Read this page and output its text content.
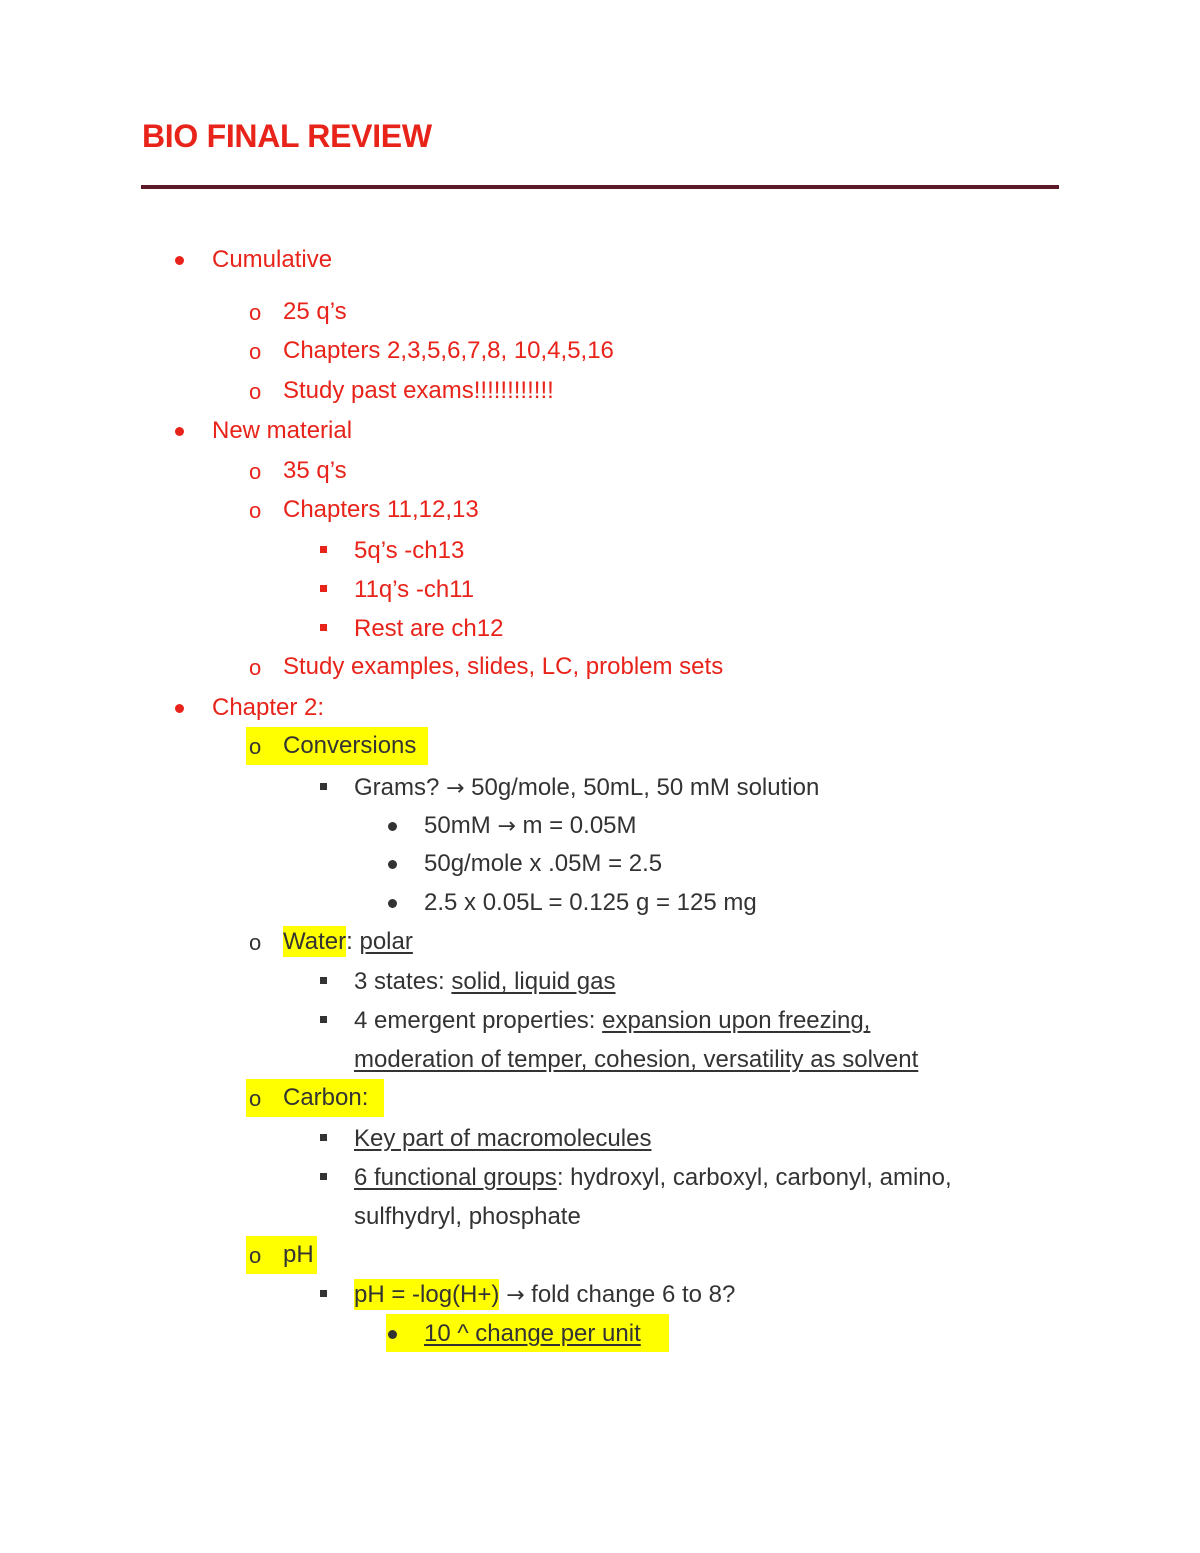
BIO FINAL REVIEW
Cumulative
o 25 q’s
o Chapters 2,3,5,6,7,8, 10,4,5,16
o Study past exams!!!!!!!!!!!!
New material
o 35 q’s
o Chapters 11,12,13
5q’s -ch13
11q’s -ch11
Rest are ch12
o Study examples, slides, LC, problem sets
Chapter 2:
o Conversions
Grams? → 50g/mole, 50mL, 50 mM solution
50mM → m = 0.05M
50g/mole x .05M = 2.5
2.5 x 0.05L = 0.125 g = 125 mg
o Water: polar
3 states: solid, liquid gas
4 emergent properties: expansion upon freezing,
moderation of temper, cohesion, versatility as solvent
o Carbon:
Key part of macromolecules
6 functional groups: hydroxyl, carboxyl, carbonyl, amino,
sulfhydryl, phosphate
o pH
pH = -log(H+) → fold change 6 to 8?
10 ^ change per unit
